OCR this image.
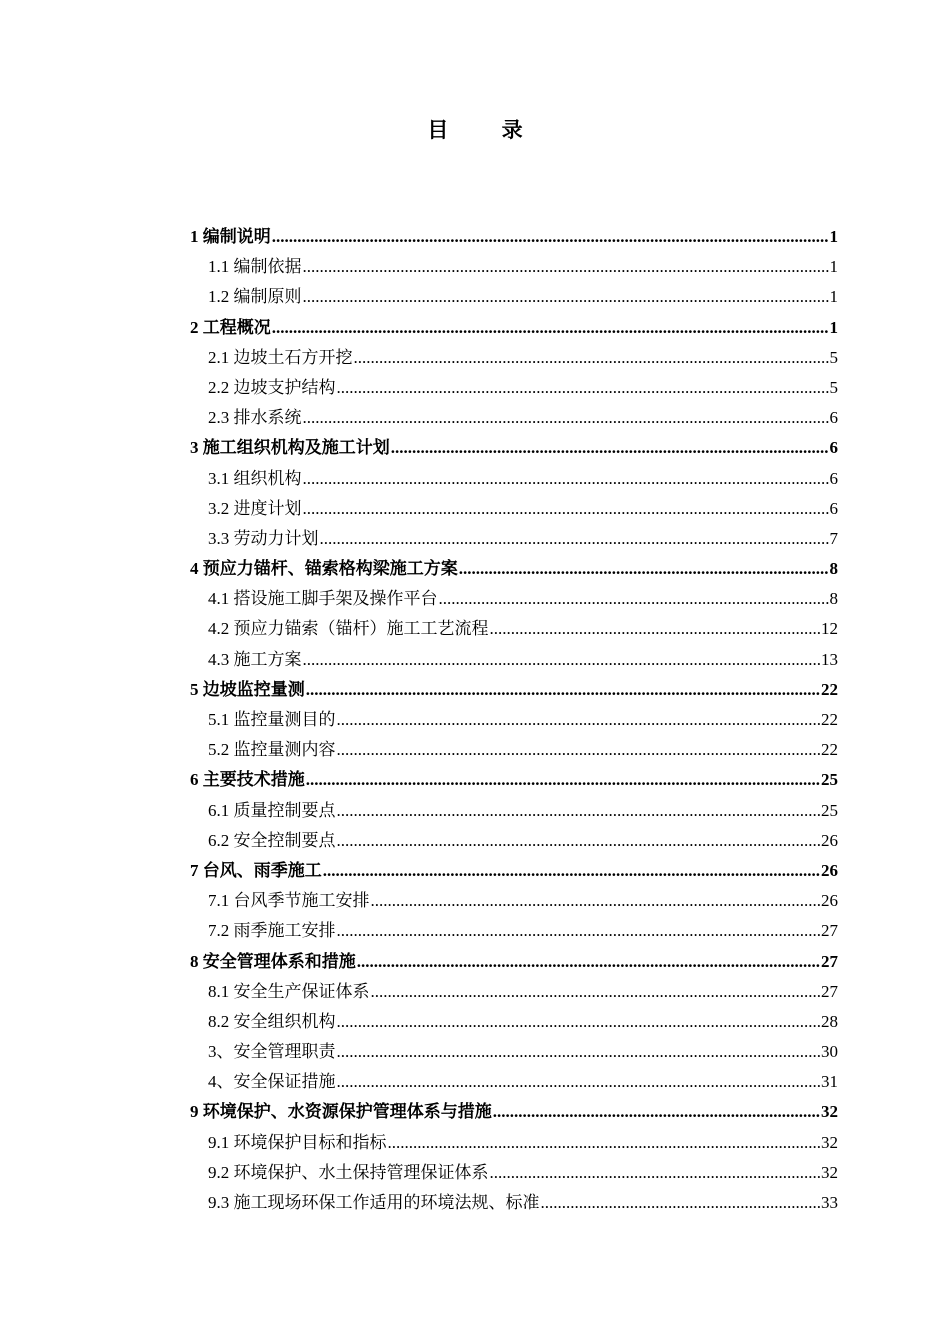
目 录
1 编制说明 .....	1
1.1 编制依据 .....	1
1.2 编制原则 .....	1
2 工程概况 .....	1
2.1 边坡土石方开挖 .....	5
2.2 边坡支护结构 .....	5
2.3 排水系统 .....	6
3 施工组织机构及施工计划 .....	6
3.1 组织机构 .....	6
3.2 进度计划 .....	6
3.3 劳动力计划 .....	7
4 预应力锚杆、锚索格构梁施工方案 .....	8
4.1 搭设施工脚手架及操作平台 .....	8
4.2 预应力锚索（锚杆）施工工艺流程 .....	12
4.3 施工方案 .....	13
5 边坡监控量测 .....	22
5.1 监控量测目的 .....	22
5.2 监控量测内容 .....	22
6 主要技术措施 .....	25
6.1 质量控制要点 .....	25
6.2 安全控制要点 .....	26
7 台风、雨季施工 .....	26
7.1 台风季节施工安排 .....	26
7.2 雨季施工安排 .....	27
8 安全管理体系和措施 .....	27
8.1 安全生产保证体系 .....	27
8.2 安全组织机构 .....	28
3、安全管理职责 .....	30
4、安全保证措施 .....	31
9 环境保护、水资源保护管理体系与措施 .....	32
9.1 环境保护目标和指标 .....	32
9.2 环境保护、水土保持管理保证体系 .....	32
9.3 施工现场环保工作适用的环境法规、标准 .....	33
